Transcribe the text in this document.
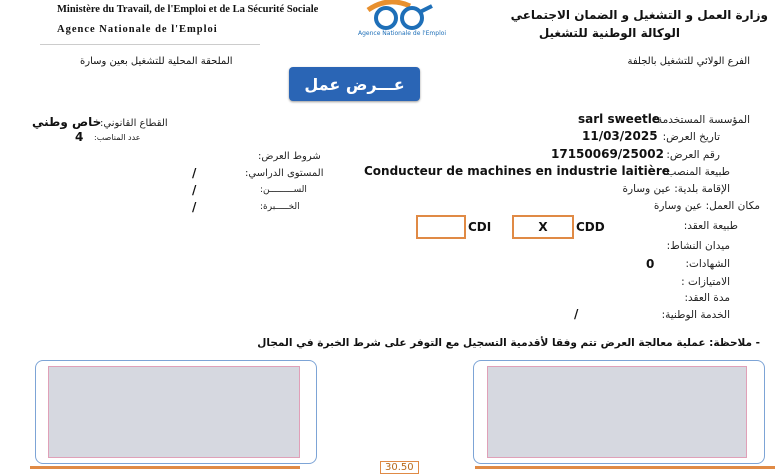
Ministère du Travail, de l'Emploi et de La Sécurité Sociale
Agence Nationale de l'Emploi	Agence Nationale de l'Emploi
وزارة العمل و التشغيل و الضمان الاجتماعي
الوكالة الوطنية للتشغيل
الفرع الولائي للتشغيل بالجلفة
الملحقة المحلية للتشغيل بعين وسارة
عـــرض عمل
القطاع القانوني:
خاص وطني
عدد المناصب:
4
شروط العرض:
المستوى الدراسي:
/
الســـــــــن:
/
الخـــــبرة:
/
المؤسسة المستخدمة:
sarl sweetle
تاريخ العرض:
11/03/2025
رقم العرض:
17150069/25002
طبيعة المنصب:
Conducteur de machines en industrie laitière
الإقامة بلدية: عين وسارة
مكان العمل: عين وسارة
طبيعة العقد:
CDD
X
CDI
ميدان النشاط:
الشهادات:
0
الامتيازات :
مدة العقد:
الخدمة الوطنية:
/
- ملاحظة: عملية معالجة العرض تتم وفقا لأقدمية التسجيل مع التوفر على شرط الخبرة في المجال
30.50
